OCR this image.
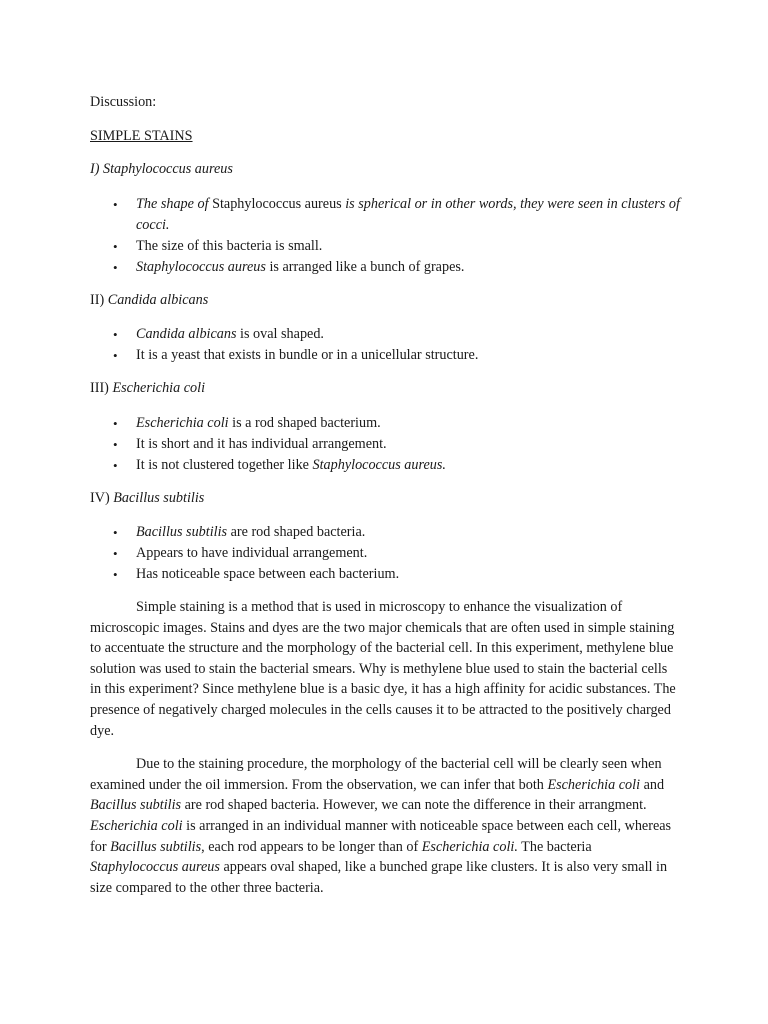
Discussion:

SIMPLE STAINS

I) Staphylococcus aureus

• The shape of Staphylococcus aureus is spherical or in other words, they were seen in clusters of cocci.
• The size of this bacteria is small.
• Staphylococcus aureus is arranged like a bunch of grapes.

II) Candida albicans

• Candida albicans is oval shaped.
• It is a yeast that exists in bundle or in a unicellular structure.

III) Escherichia coli

• Escherichia coli is a rod shaped bacterium.
• It is short and it has individual arrangement.
• It is not clustered together like Staphylococcus aureus.

IV) Bacillus subtilis

• Bacillus subtilis are rod shaped bacteria.
• Appears to have individual arrangement.
• Has noticeable space between each bacterium.

Simple staining is a method that is used in microscopy to enhance the visualization of microscopic images. Stains and dyes are the two major chemicals that are often used in simple staining to accentuate the structure and the morphology of the bacterial cell. In this experiment, methylene blue solution was used to stain the bacterial smears. Why is methylene blue used to stain the bacterial cells in this experiment? Since methylene blue is a basic dye, it has a high affinity for acidic substances. The presence of negatively charged molecules in the cells causes it to be attracted to the positively charged dye.

Due to the staining procedure, the morphology of the bacterial cell will be clearly seen when examined under the oil immersion. From the observation, we can infer that both Escherichia coli and Bacillus subtilis are rod shaped bacteria. However, we can note the difference in their arrangment. Escherichia coli is arranged in an individual manner with noticeable space between each cell, whereas for Bacillus subtilis, each rod appears to be longer than of Escherichia coli. The bacteria Staphylococcus aureus appears oval shaped, like a bunched grape like clusters. It is also very small in size compared to the other three bacteria.
